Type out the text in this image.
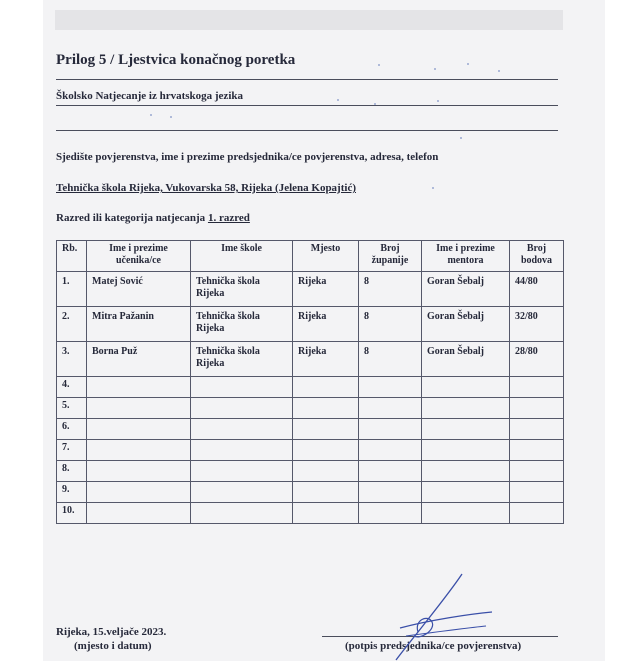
Prilog 5 / Ljestvica konačnog poretka
Školsko Natjecanje iz hrvatskoga jezika
Sjedište povjerenstva, ime i prezime predsjednika/ce povjerenstva, adresa, telefon
Tehnička škola Rijeka, Vukovarska 58, Rijeka (Jelena Kopajtić)
Razred ili kategorija natjecanja 1. razred
Rb.	Ime i prezime učenika/ce	Ime škole	Mjesto	Broj županije	Ime i prezime mentora	Broj bodova
1.	Matej Sović	Tehnička škola Rijeka	Rijeka	8	Goran Šebalj	44/80
2.	Mitra Pažanin	Tehnička škola Rijeka	Rijeka	8	Goran Šebalj	32/80
3.	Borna Puž	Tehnička škola Rijeka	Rijeka	8	Goran Šebalj	28/80
4.						
5.						
6.						
7.						
8.						
9.						
10.						
Rijeka, 15.veljače 2023.
(mjesto i datum)	(potpis predsjednika/ce povjerenstva)
